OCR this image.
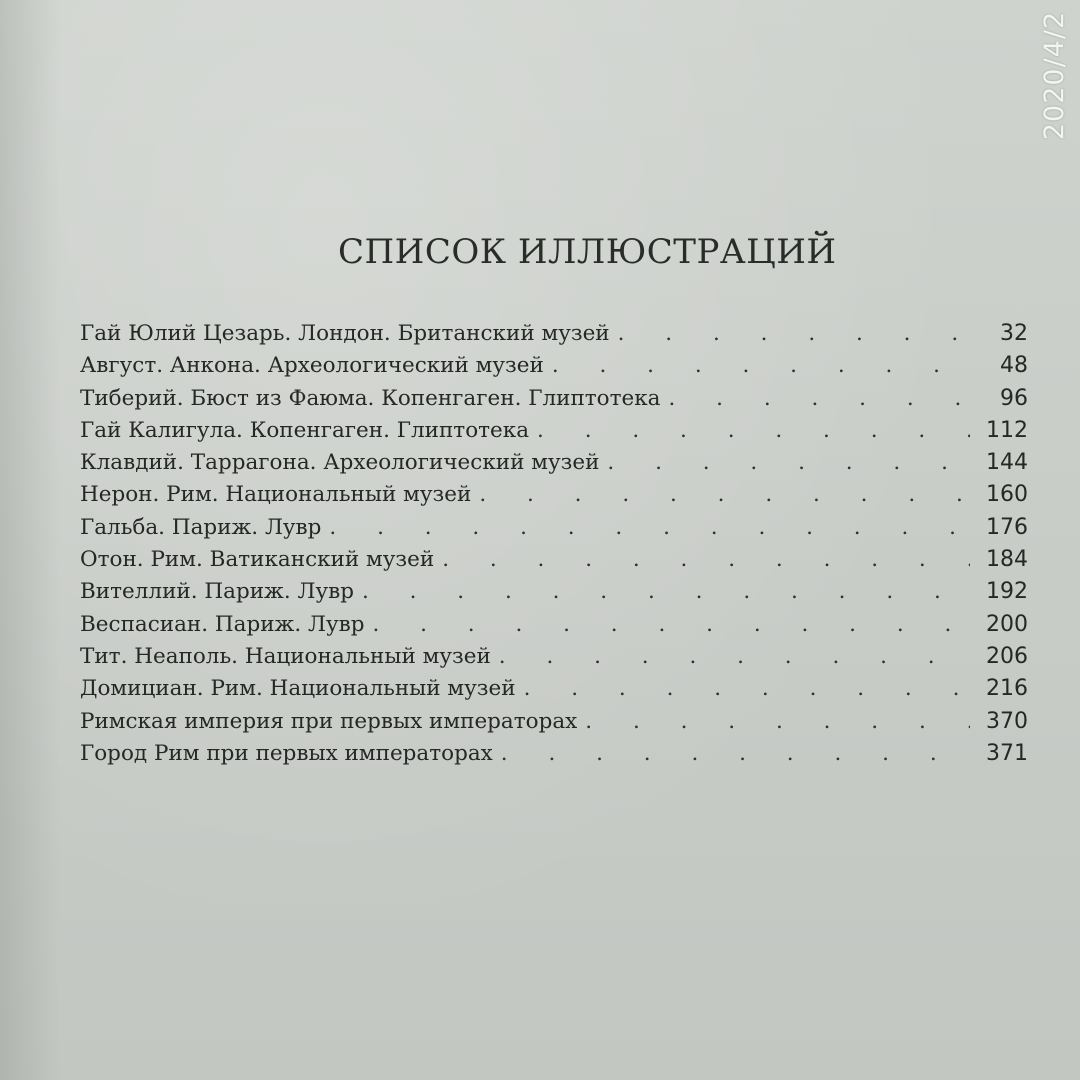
2020/4/2
СПИСОК ИЛЛЮСТРАЦИЙ
Гай Юлий Цезарь. Лондон. Британский музей . . .	32
Август. Анкона. Археологический музей . . .	48
Тиберий. Бюст из Фаюма. Копенгаген. Глиптотека . . .	96
Гай Калигула. Копенгаген. Глиптотека . . .	112
Клавдий. Таррагона. Археологический музей . . .	144
Нерон. Рим. Национальный музей . . .	160
Гальба. Париж. Лувр . . .	176
Отон. Рим. Ватиканский музей . . .	184
Вителлий. Париж. Лувр . . .	192
Веспасиан. Париж. Лувр . . .	200
Тит. Неаполь. Национальный музей . . .	206
Домициан. Рим. Национальный музей . . .	216
Римская империя при первых императорах . . .	370
Город Рим при первых императорах . . .	371
